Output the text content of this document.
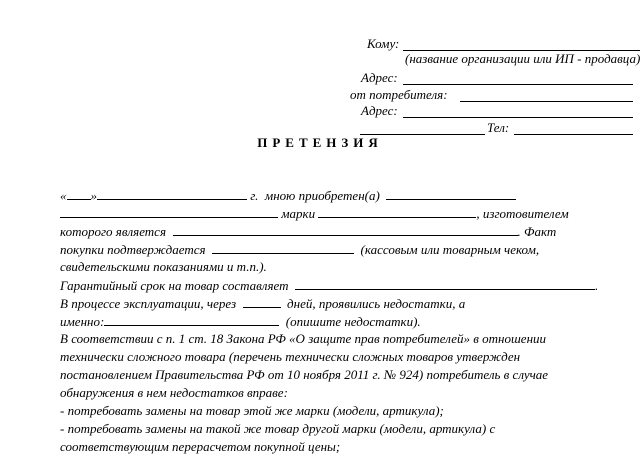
Кому:
(название организации или ИП - продавца)
Адрес:
от потребителя:
Адрес:
Тел:
ПРЕТЕНЗИЯ
« »	г. мною приобретен(а)
марки	, изготовителем
которого является	. Факт
покупки подтверждается	(кассовым или товарным чеком,
свидетельскими показаниями и т.п.).
Гарантийный срок на товар составляет	.
В процессе эксплуатации, через	дней, проявились недостатки, а
именно:	(опишите недостатки).
В соответствии с п. 1 ст. 18 Закона РФ «О защите прав потребителей» в отношении
технически сложного товара (перечень технически сложных товаров утвержден
постановлением Правительства РФ от 10 ноября 2011 г. № 924) потребитель в случае
обнаружения в нем недостатков вправе:
- потребовать замены на товар этой же марки (модели, артикула);
- потребовать замены на такой же товар другой марки (модели, артикула) с
соответствующим перерасчетом покупной цены;
